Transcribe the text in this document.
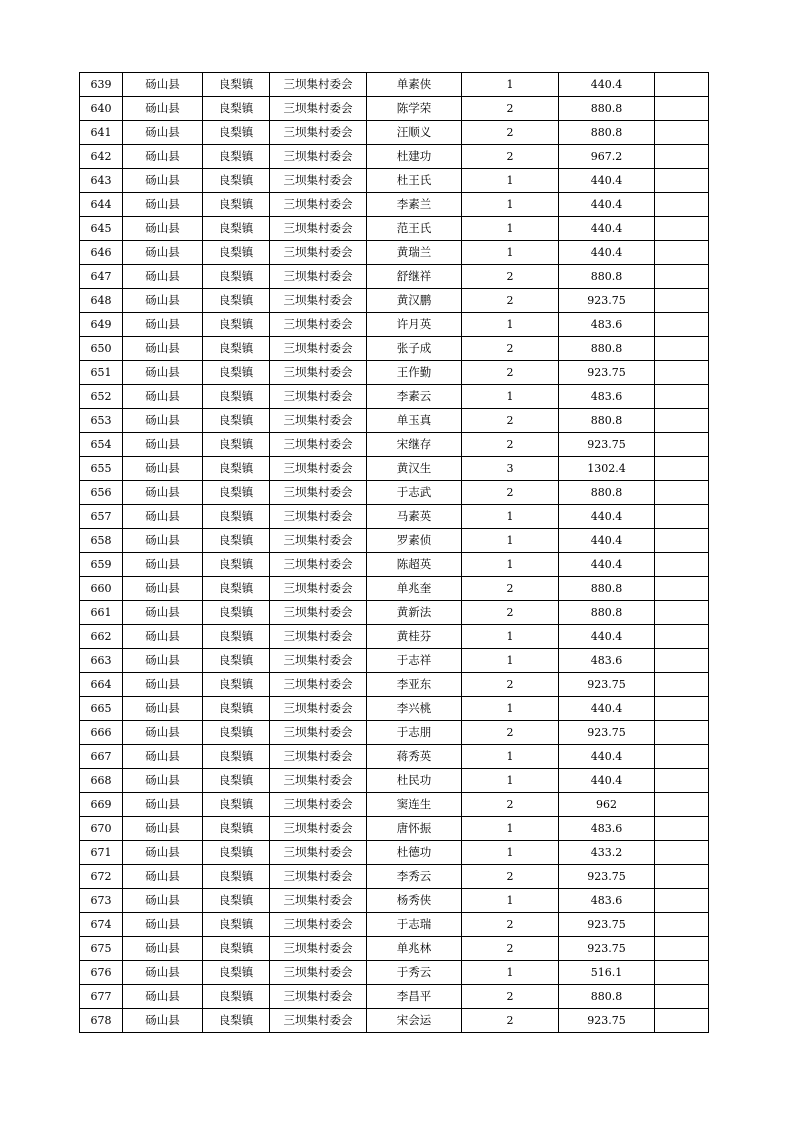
639	砀山县	良梨镇	三坝集村委会	单素侠	1	440.4	
640	砀山县	良梨镇	三坝集村委会	陈学荣	2	880.8	
641	砀山县	良梨镇	三坝集村委会	汪顺义	2	880.8	
642	砀山县	良梨镇	三坝集村委会	杜建功	2	967.2	
643	砀山县	良梨镇	三坝集村委会	杜王氏	1	440.4	
644	砀山县	良梨镇	三坝集村委会	李素兰	1	440.4	
645	砀山县	良梨镇	三坝集村委会	范王氏	1	440.4	
646	砀山县	良梨镇	三坝集村委会	黄瑞兰	1	440.4	
647	砀山县	良梨镇	三坝集村委会	舒继祥	2	880.8	
648	砀山县	良梨镇	三坝集村委会	黄汉鹏	2	923.75	
649	砀山县	良梨镇	三坝集村委会	许月英	1	483.6	
650	砀山县	良梨镇	三坝集村委会	张子成	2	880.8	
651	砀山县	良梨镇	三坝集村委会	王作勤	2	923.75	
652	砀山县	良梨镇	三坝集村委会	李素云	1	483.6	
653	砀山县	良梨镇	三坝集村委会	单玉真	2	880.8	
654	砀山县	良梨镇	三坝集村委会	宋继存	2	923.75	
655	砀山县	良梨镇	三坝集村委会	黄汉生	3	1302.4	
656	砀山县	良梨镇	三坝集村委会	于志武	2	880.8	
657	砀山县	良梨镇	三坝集村委会	马素英	1	440.4	
658	砀山县	良梨镇	三坝集村委会	罗素侦	1	440.4	
659	砀山县	良梨镇	三坝集村委会	陈超英	1	440.4	
660	砀山县	良梨镇	三坝集村委会	单兆奎	2	880.8	
661	砀山县	良梨镇	三坝集村委会	黄新法	2	880.8	
662	砀山县	良梨镇	三坝集村委会	黄桂芬	1	440.4	
663	砀山县	良梨镇	三坝集村委会	于志祥	1	483.6	
664	砀山县	良梨镇	三坝集村委会	李亚东	2	923.75	
665	砀山县	良梨镇	三坝集村委会	李兴桃	1	440.4	
666	砀山县	良梨镇	三坝集村委会	于志朋	2	923.75	
667	砀山县	良梨镇	三坝集村委会	蒋秀英	1	440.4	
668	砀山县	良梨镇	三坝集村委会	杜民功	1	440.4	
669	砀山县	良梨镇	三坝集村委会	窦连生	2	962	
670	砀山县	良梨镇	三坝集村委会	唐怀振	1	483.6	
671	砀山县	良梨镇	三坝集村委会	杜德功	1	433.2	
672	砀山县	良梨镇	三坝集村委会	李秀云	2	923.75	
673	砀山县	良梨镇	三坝集村委会	杨秀侠	1	483.6	
674	砀山县	良梨镇	三坝集村委会	于志瑞	2	923.75	
675	砀山县	良梨镇	三坝集村委会	单兆林	2	923.75	
676	砀山县	良梨镇	三坝集村委会	于秀云	1	516.1	
677	砀山县	良梨镇	三坝集村委会	李昌平	2	880.8	
678	砀山县	良梨镇	三坝集村委会	宋会运	2	923.75	
